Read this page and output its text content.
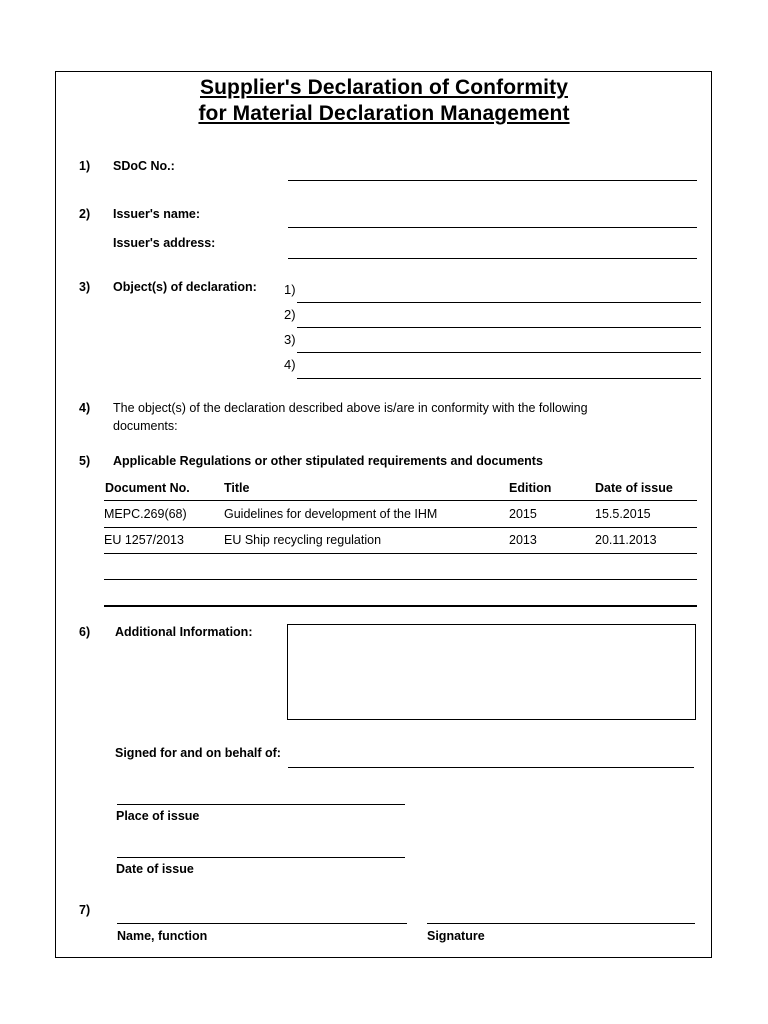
Supplier's Declaration of Conformity
for Material Declaration Management
1) SDoC No.:
2) Issuer's name:
Issuer's address:
3) Object(s) of declaration: 1)
2)
3)
4)
4) The object(s) of the declaration described above is/are in conformity with the following documents:
5) Applicable Regulations or other stipulated requirements and documents
Document No.	Title	Edition	Date of issue
MEPC.269(68)	Guidelines for development of the IHM	2015	15.5.2015
EU 1257/2013	EU Ship recycling regulation	2013	20.11.2013
6) Additional Information:
Signed for and on behalf of:
Place of issue
Date of issue
7)
Name, function	Signature
